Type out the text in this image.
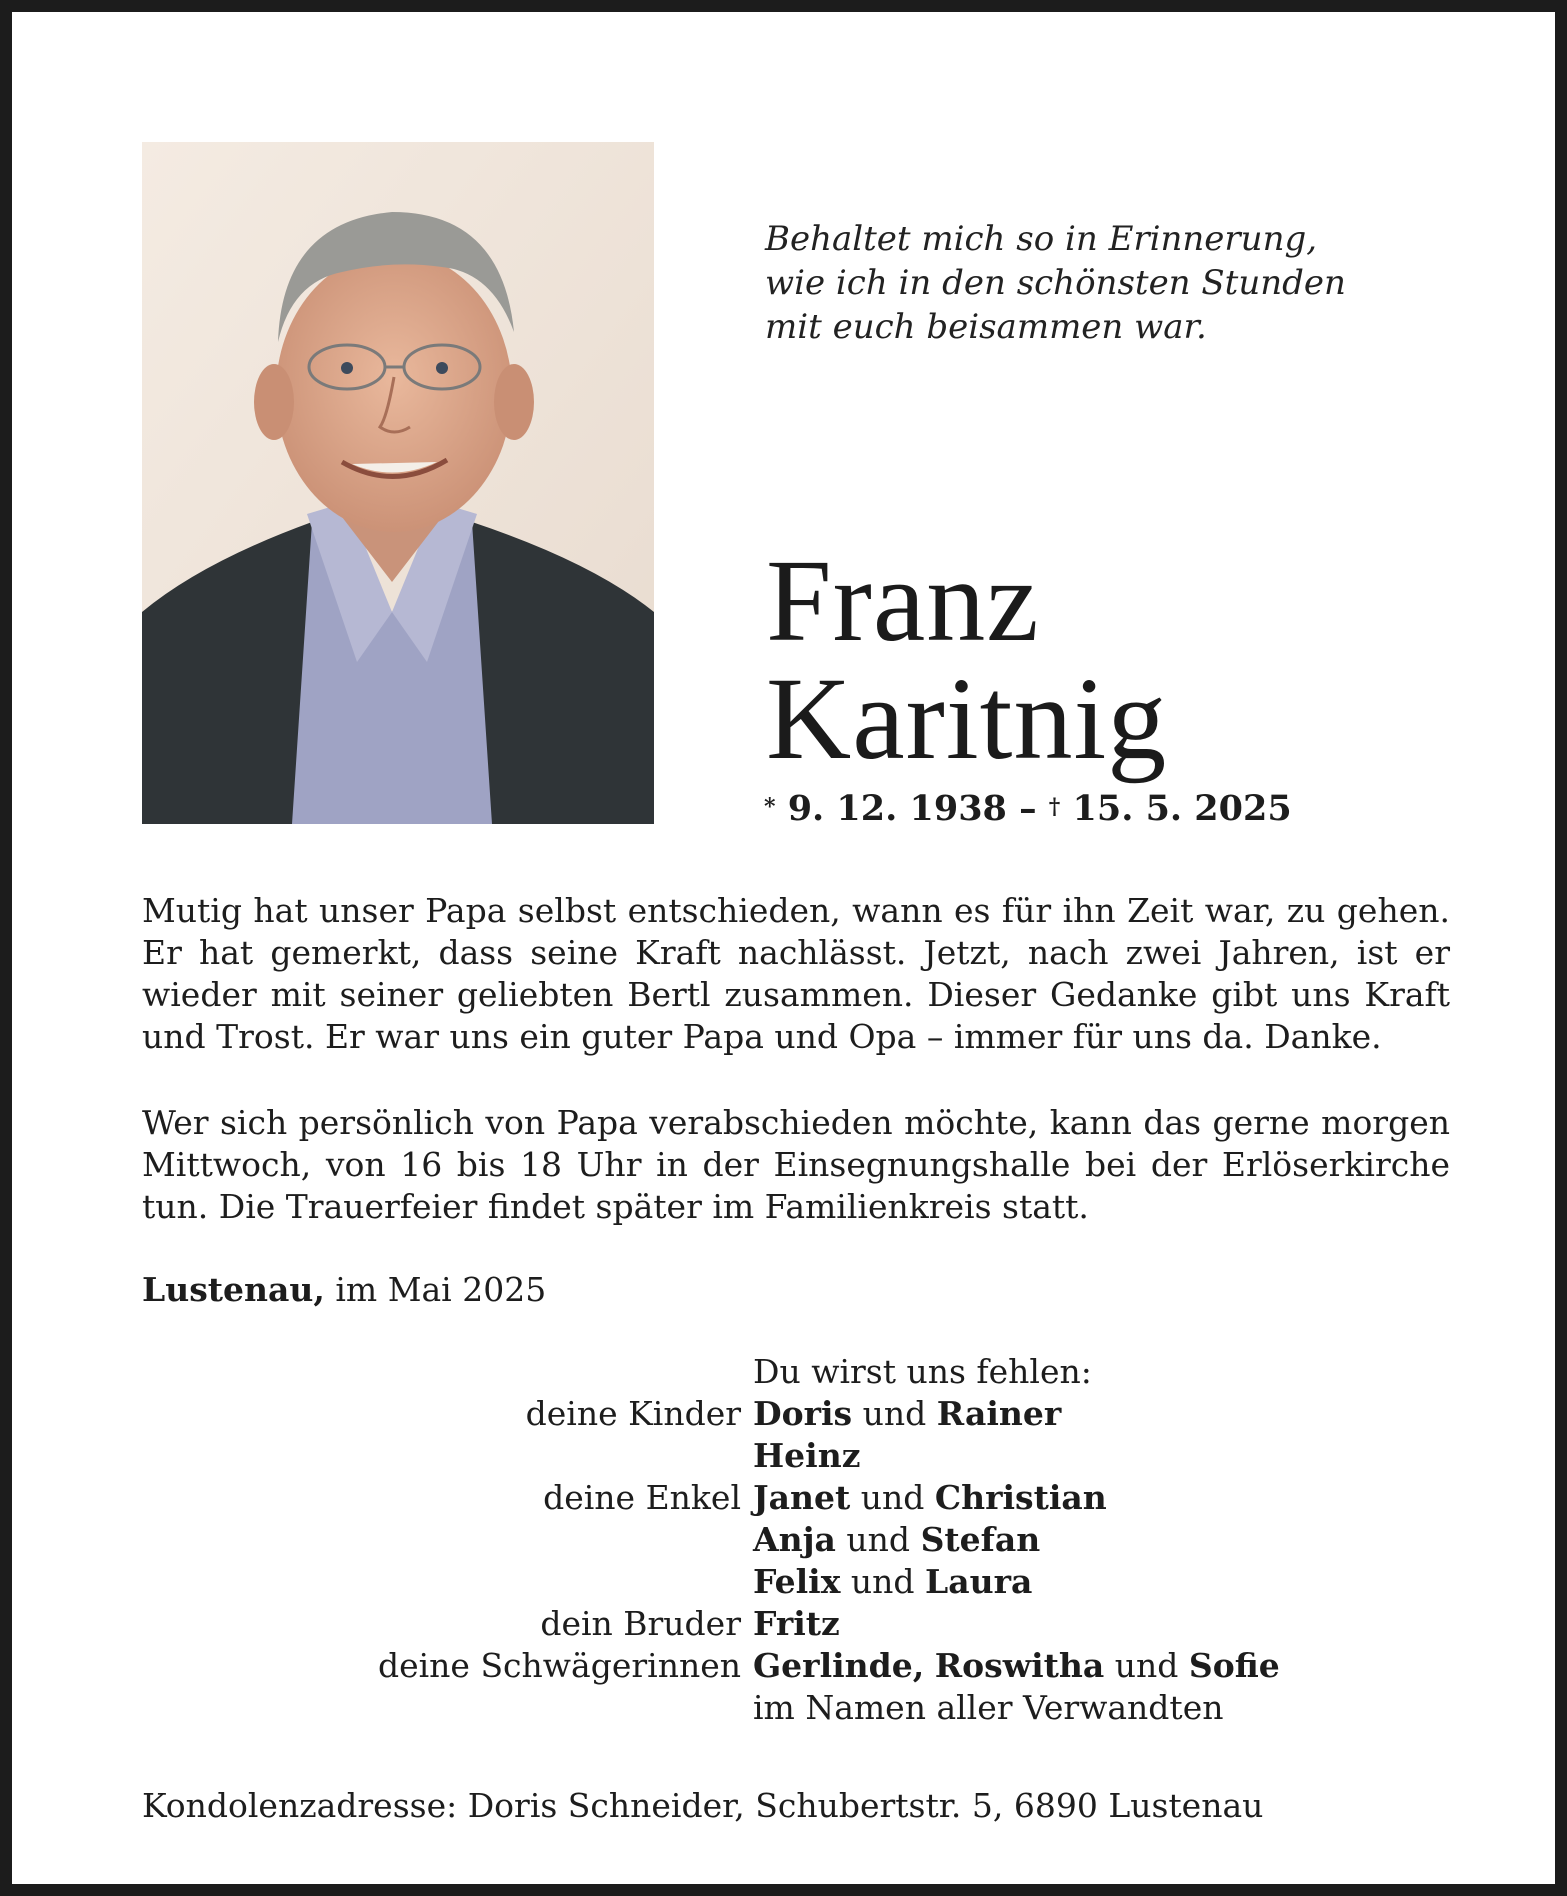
Behaltet mich so in Erinnerung,
wie ich in den schönsten Stunden
mit euch beisammen war.
Franz
Karitnig
* 9. 12. 1938 – † 15. 5. 2025
Mutig hat unser Papa selbst entschieden, wann es für ihn Zeit war, zu gehen. Er hat gemerkt, dass seine Kraft nachlässt. Jetzt, nach zwei Jahren, ist er wieder mit seiner geliebten Bertl zusammen. Dieser Gedanke gibt uns Kraft und Trost. Er war uns ein guter Papa und Opa – immer für uns da. Danke.
Wer sich persönlich von Papa verabschieden möchte, kann das gerne morgen Mittwoch, von 16 bis 18 Uhr in der Einsegnungshalle bei der Erlöserkirche tun. Die Trauerfeier findet später im Familienkreis statt.
Lustenau, im Mai 2025
Du wirst uns fehlen:
deine Kinder Doris und Rainer
Heinz
deine Enkel Janet und Christian
Anja und Stefan
Felix und Laura
dein Bruder Fritz
deine Schwägerinnen Gerlinde, Roswitha und Sofie
im Namen aller Verwandten
Kondolenzadresse: Doris Schneider, Schubertstr. 5, 6890 Lustenau
